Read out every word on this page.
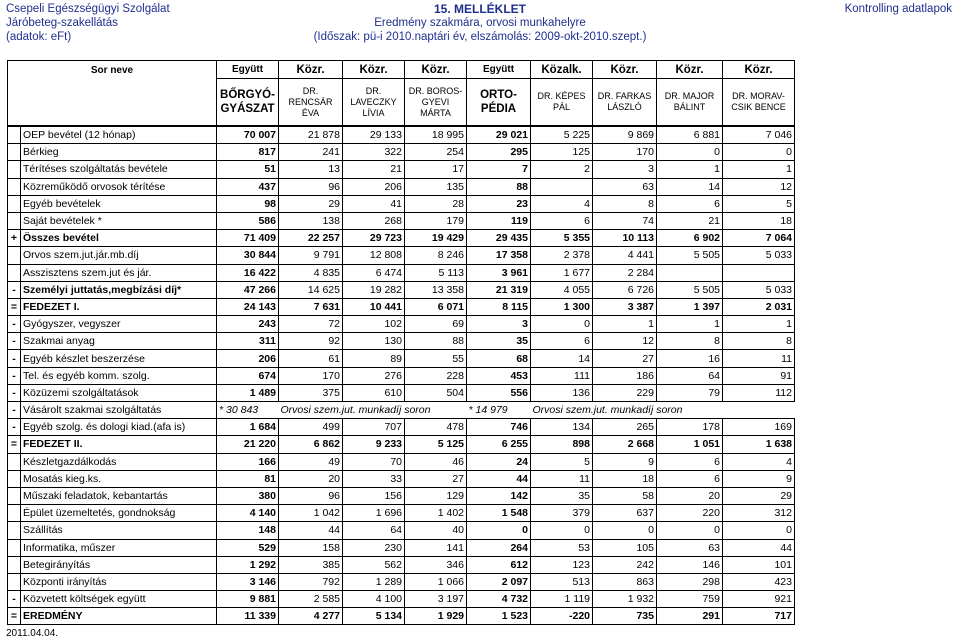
Csepeli Egészségügyi Szolgálat
Járóbeteg-szakellátás
(adatok: eFt)
15. MELLÉKLET
Eredmény szakmára, orvosi munkahelyre
(Időszak: pü-i 2010.naptári év, elszámolás: 2009-okt-2010.szept.)
Kontrolling adatlapok
Sor neve		Együtt	Közr.	Közr.	Közr.	Együtt	Közalk.	Közr.	Közr.	Közr.
		BŐRGYÓ-GYÁSZAT	DR. RENCSÁR ÉVA	DR. LAVECZKY LÍVIA	DR. BOROS-GYEVI MÁRTA	ORTO-PÉDIA	DR. KÉPES PÁL	DR. FARKAS LÁSZLÓ	DR. MAJOR BÁLINT	DR. MORAV-CSIK BENCE

	OEP bevétel (12 hónap)	70 007	21 878	29 133	18 995	29 021	5 225	9 869	6 881	7 046
	Bérkieg	817	241	322	254	295	125	170	0	0
	Térítéses szolgáltatás bevétele	51	13	21	17	7	2	3	1	1
	Közreműködő orvosok térítése	437	96	206	135	88		63	14	12
	Egyéb bevételek	98	29	41	28	23	4	8	6	5
	Saját bevételek *	586	138	268	179	119	6	74	21	18
+	Összes bevétel	71 409	22 257	29 723	19 429	29 435	5 355	10 113	6 902	7 064
	Orvos szem.jut.jár.mb.díj	30 844	9 791	12 808	8 246	17 358	2 378	4 441	5 505	5 033
	Asszisztens szem.jut és jár.	16 422	4 835	6 474	5 113	3 961	1 677	2 284		
-	Személyi juttatás,megbízási díj*	47 266	14 625	19 282	13 358	21 319	4 055	6 726	5 505	5 033
=	FEDEZET I.	24 143	7 631	10 441	6 071	8 115	1 300	3 387	1 397	2 031
-	Gyógyszer, vegyszer	243	72	102	69	3	0	1	1	1
-	Szakmai anyag	311	92	130	88	35	6	12	8	8
-	Egyéb készlet beszerzése	206	61	89	55	68	14	27	16	11
-	Tel. és egyéb komm. szolg.	674	170	276	228	453	111	186	64	91
-	Közüzemi szolgáltatások	1 489	375	610	504	556	136	229	79	112
-	Vásárolt szakmai szolgáltatás	* 30 843	Orvosi szem.jut. munkadíj soron			* 14 979	Orvosi szem.jut. munkadíj soron			
-	Egyéb szolg. és dologi kiad.(afa is)	1 684	499	707	478	746	134	265	178	169
=	FEDEZET II.	21 220	6 862	9 233	5 125	6 255	898	2 668	1 051	1 638
	Készletgazdálkodás	166	49	70	46	24	5	9	6	4
	Mosatás kieg.ks.	81	20	33	27	44	11	18	6	9
	Műszaki feladatok, kebantartás	380	96	156	129	142	35	58	20	29
	Épület üzemeltetés, gondnokság	4 140	1 042	1 696	1 402	1 548	379	637	220	312
	Szállítás	148	44	64	40	0	0	0	0	0
	Informatika, műszer	529	158	230	141	264	53	105	63	44
	Betegirányítás	1 292	385	562	346	612	123	242	146	101
	Központi irányítás	3 146	792	1 289	1 066	2 097	513	863	298	423
-	Közvetett költségek együtt	9 881	2 585	4 100	3 197	4 732	1 119	1 932	759	921
=	EREDMÉNY	11 339	4 277	5 134	1 929	1 523	-220	735	291	717
2011.04.04.
